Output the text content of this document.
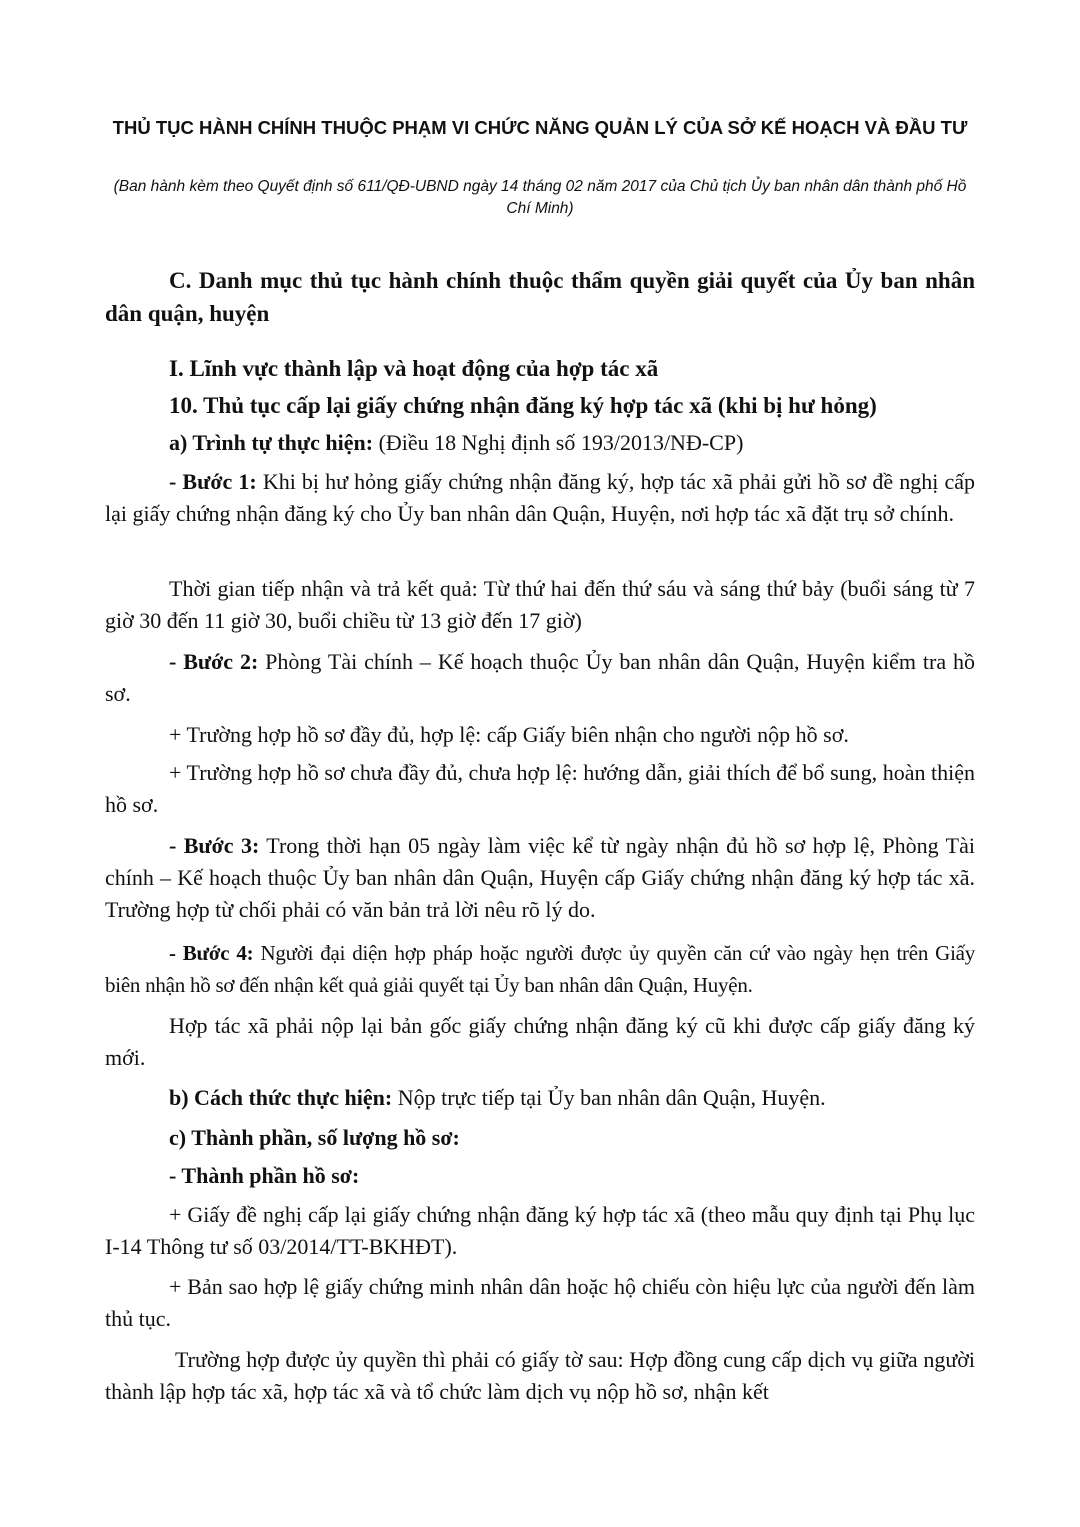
THỦ TỤC HÀNH CHÍNH THUỘC PHẠM VI CHỨC NĂNG QUẢN LÝ CỦA SỞ KẾ HOẠCH VÀ ĐẦU TƯ

(Ban hành kèm theo Quyết định số 611/QĐ-UBND ngày 14 tháng 02 năm 2017 của Chủ tịch Ủy ban nhân dân thành phố Hồ Chí Minh)

C. Danh mục thủ tục hành chính thuộc thẩm quyền giải quyết của Ủy ban nhân dân quận, huyện

I. Lĩnh vực thành lập và hoạt động của hợp tác xã

10. Thủ tục cấp lại giấy chứng nhận đăng ký hợp tác xã (khi bị hư hỏng)

a) Trình tự thực hiện: (Điều 18 Nghị định số 193/2013/NĐ-CP)

- Bước 1: Khi bị hư hỏng giấy chứng nhận đăng ký, hợp tác xã phải gửi hồ sơ đề nghị cấp lại giấy chứng nhận đăng ký cho Ủy ban nhân dân Quận, Huyện, nơi hợp tác xã đặt trụ sở chính.

Thời gian tiếp nhận và trả kết quả: Từ thứ hai đến thứ sáu và sáng thứ bảy (buổi sáng từ 7 giờ 30 đến 11 giờ 30, buổi chiều từ 13 giờ đến 17 giờ)

- Bước 2: Phòng Tài chính – Kế hoạch thuộc Ủy ban nhân dân Quận, Huyện kiểm tra hồ sơ.

+ Trường hợp hồ sơ đầy đủ, hợp lệ: cấp Giấy biên nhận cho người nộp hồ sơ.

+ Trường hợp hồ sơ chưa đầy đủ, chưa hợp lệ: hướng dẫn, giải thích để bổ sung, hoàn thiện hồ sơ.

- Bước 3: Trong thời hạn 05 ngày làm việc kể từ ngày nhận đủ hồ sơ hợp lệ, Phòng Tài chính – Kế hoạch thuộc Ủy ban nhân dân Quận, Huyện cấp Giấy chứng nhận đăng ký hợp tác xã. Trường hợp từ chối phải có văn bản trả lời nêu rõ lý do.

- Bước 4: Người đại diện hợp pháp hoặc người được ủy quyền căn cứ vào ngày hẹn trên Giấy biên nhận hồ sơ đến nhận kết quả giải quyết tại Ủy ban nhân dân Quận, Huyện.

Hợp tác xã phải nộp lại bản gốc giấy chứng nhận đăng ký cũ khi được cấp giấy đăng ký mới.

b) Cách thức thực hiện: Nộp trực tiếp tại Ủy ban nhân dân Quận, Huyện.

c) Thành phần, số lượng hồ sơ:

- Thành phần hồ sơ:

+ Giấy đề nghị cấp lại giấy chứng nhận đăng ký hợp tác xã (theo mẫu quy định tại Phụ lục I-14 Thông tư số 03/2014/TT-BKHĐT).

+ Bản sao hợp lệ giấy chứng minh nhân dân hoặc hộ chiếu còn hiệu lực của người đến làm thủ tục.

Trường hợp được ủy quyền thì phải có giấy tờ sau: Hợp đồng cung cấp dịch vụ giữa người thành lập hợp tác xã, hợp tác xã và tổ chức làm dịch vụ nộp hồ sơ, nhận kết
